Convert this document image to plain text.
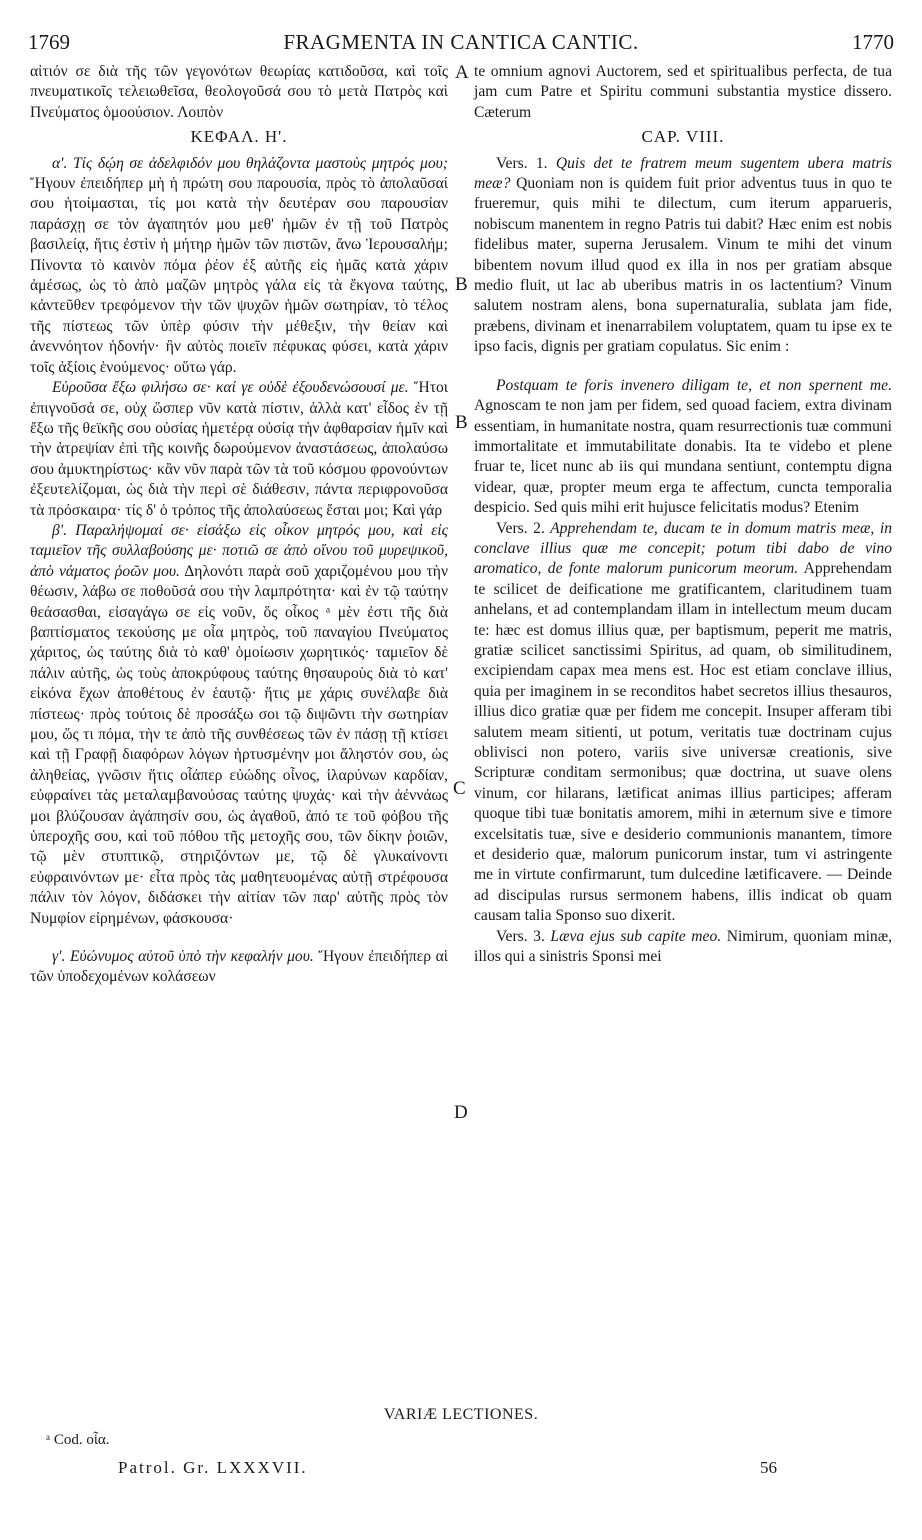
1769	FRAGMENTA IN CANTICA CANTIC.	1770
A
B
B
C
D

αἰτιόν σε διὰ τῆς τῶν γεγονότων θεωρίας κατιδοῦσα, καὶ τοῖς πνευματικοῖς τελειωθεῖσα, θεολογοῦσά σου τὸ μετὰ Πατρὸς καὶ Πνεύματος ὁμοούσιον. Λοιπὸν

ΚΕΦΑΛ. Η'.

α'. Τίς δῴη σε ἀδελφιδόν μου θηλάζοντα μαστοὺς μητρός μου; Ἤγουν ἐπειδήπερ μὴ ἡ πρώτη σου παρουσία, πρὸς τὸ ἀπολαῦσαί σου ἡτοίμασται, τίς μοι κατὰ τὴν δευτέραν σου παρουσίαν παράσχῃ σε τὸν ἀγαπητόν μου μεθ' ἡμῶν ἐν τῇ τοῦ Πατρὸς βασιλείᾳ, ἥτις ἐστὶν ἡ μήτηρ ἡμῶν τῶν πιστῶν, ἄνω Ἱερουσαλήμ; Πίνοντα τὸ καινὸν πόμα ῥέον ἐξ αὐτῆς εἰς ἡμᾶς κατὰ χάριν ἀμέσως, ὡς τὸ ἀπὸ μαζῶν μητρὸς γάλα εἰς τὰ ἔκγονα ταύτης, κἀντεῦθεν τρεφόμενον τὴν τῶν ψυχῶν ἡμῶν σωτηρίαν, τὸ τέλος τῆς πίστεως τῶν ὑπὲρ φύσιν τὴν μέθεξιν, τὴν θείαν καὶ ἀνεννόητον ἡδονήν· ἣν αὐτὸς ποιεῖν πέφυκας φύσει, κατὰ χάριν τοῖς ἀξίοις ἑνούμενος· οὕτω γάρ.

Εὑροῦσα ἔξω φιλήσω σε· καί γε οὐδὲ ἐξουδενώσουσί με. Ἤτοι ἐπιγνοῦσά σε, οὐχ ὥσπερ νῦν κατὰ πίστιν, ἀλλὰ κατ' εἶδος ἐν τῇ ἔξω τῆς θεϊκῆς σου οὐσίας ἡμετέρᾳ οὐσίᾳ τὴν ἀφθαρσίαν ἡμῖν καὶ τὴν ἀτρεψίαν ἐπὶ τῆς κοινῆς δωρούμενον ἀναστάσεως, ἀπολαύσω σου ἀμυκτηρίστως· κἂν νῦν παρὰ τῶν τὰ τοῦ κόσμου φρονούντων ἐξευτελίζομαι, ὡς διὰ τὴν περὶ σὲ διάθεσιν, πάντα περιφρονοῦσα τὰ πρόσκαιρα· τίς δ' ὁ τρόπος τῆς ἀπολαύσεως ἔσται μοι; Καὶ γάρ

β'. Παραλήψομαί σε· εἰσάξω εἰς οἶκον μητρός μου, καὶ εἰς ταμιεῖον τῆς συλλαβούσης με· ποτιῶ σε ἀπὸ οἴνου τοῦ μυρεψικοῦ, ἀπὸ νάματος ῥοῶν μου. Δηλονότι παρὰ σοῦ χαριζομένου μου τὴν θέωσιν, λάβω σε ποθοῦσά σου τὴν λαμπρότητα· καὶ ἐν τῷ ταύτην θεάσασθαι, εἰσαγάγω σε εἰς νοῦν, ὅς οἶκος ᵃ μὲν ἐστι τῆς διὰ βαπτίσματος τεκούσης με οἷα μητρὸς, τοῦ παναγίου Πνεύματος χάριτος, ὡς ταύτης διὰ τὸ καθ' ὁμοίωσιν χωρητικός· ταμιεῖον δὲ πάλιν αὐτῆς, ὡς τοὺς ἀποκρύφους ταύτης θησαυροὺς διὰ τὸ κατ' εἰκόνα ἔχων ἀποθέτους ἐν ἑαυτῷ· ἥτις με χάρις συνέλαβε διὰ πίστεως· πρὸς τούτοις δὲ προσάξω σοι τῷ διψῶντι τὴν σωτηρίαν μου, ὥς τι πόμα, τὴν τε ἀπὸ τῆς συνθέσεως τῶν ἐν πάσῃ τῇ κτίσει καὶ τῇ Γραφῇ διαφόρων λόγων ἠρτυσμένην μοι ἄληστόν σου, ὡς ἀληθείας, γνῶσιν ἥτις οἷάπερ εὐώδης οἶνος, ἱλαρύνων καρδίαν, εὐφραίνει τὰς μεταλαμβανούσας ταύτης ψυχάς· καὶ τὴν ἀέννάως μοι βλύζουσαν ἀγάπησίν σου, ὡς ἀγαθοῦ, ἀπό τε τοῦ φόβου τῆς ὑπεροχῆς σου, καὶ τοῦ πόθου τῆς μετοχῆς σου, τῶν δίκην ῥοιῶν, τῷ μὲν στυπτικῷ, στηριζόντων με, τῷ δὲ γλυκαίνοντι εὐφραινόντων με· εἶτα πρὸς τὰς μαθητευομένας αὐτῇ στρέφουσα πάλιν τὸν λόγον, διδάσκει τὴν αἰτίαν τῶν παρ' αὐτῆς πρὸς τὸν Νυμφίον εἰρημένων, φάσκουσα·

γ'. Εὐώνυμος αὐτοῦ ὑπὸ τὴν κεφαλήν μου. Ἤγουν ἐπειδήπερ αἱ τῶν ὑποδεχομένων κολάσεων

te omnium agnovi Auctorem, sed et spiritualibus perfecta, de tua jam cum Patre et Spiritu communi substantia mystice dissero. Cæterum

CAP. VIII.

Vers. 1. Quis det te fratrem meum sugentem ubera matris meæ? Quoniam non is quidem fuit prior adventus tuus in quo te frueremur, quis mihi te dilectum, cum iterum apparueris, nobiscum manentem in regno Patris tui dabit? Hæc enim est nobis fidelibus mater, superna Jerusalem. Vinum te mihi det vinum bibentem novum illud quod ex illa in nos per gratiam absque medio fluit, ut lac ab uberibus matris in os lactentium? Vinum salutem nostram alens, bona supernaturalia, sublata jam fide, præbens, divinam et inenarrabilem voluptatem, quam tu ipse ex te ipso facis, dignis per gratiam copulatus. Sic enim :

Postquam te foris invenero diligam te, et non spernent me. Agnoscam te non jam per fidem, sed quoad faciem, extra divinam essentiam, in humanitate nostra, quam resurrectionis tuæ communi immortalitate et immutabilitate donabis. Ita te videbo et plene fruar te, licet nunc ab iis qui mundana sentiunt, contemptu digna videar, quæ, propter meum erga te affectum, cuncta temporalia despicio. Sed quis mihi erit hujusce felicitatis modus? Etenim

Vers. 2. Apprehendam te, ducam te in domum matris meæ, in conclave illius quæ me concepit; potum tibi dabo de vino aromatico, de fonte malorum punicorum meorum. Apprehendam te scilicet de deificatione me gratificantem, claritudinem tuam anhelans, et ad contemplandam illam in intellectum meum ducam te: hæc est domus illius quæ, per baptismum, peperit me matris, gratiæ scilicet sanctissimi Spiritus, ad quam, ob similitudinem, excipiendam capax mea mens est. Hoc est etiam conclave illius, quia per imaginem in se reconditos habet secretos illius thesauros, illius dico gratiæ quæ per fidem me concepit. Insuper afferam tibi salutem meam sitienti, ut potum, veritatis tuæ doctrinam cujus oblivisci non potero, variis sive universæ creationis, sive Scripturæ conditam sermonibus; quæ doctrina, ut suave olens vinum, cor hilarans, lætificat animas illius participes; afferam quoque tibi tuæ bonitatis amorem, mihi in æternum sive e timore excelsitatis tuæ, sive e desiderio communionis manantem, timore et desiderio quæ, malorum punicorum instar, tum vi astringente me in virtute confirmarunt, tum dulcedine lætificavere. — Deinde ad discipulas rursus sermonem habens, illis indicat ob quam causam talia Sponso suo dixerit.

Vers. 3. Læva ejus sub capite meo. Nimirum, quoniam minæ, illos qui a sinistris Sponsi mei

VARIÆ LECTIONES.
ᵃ Cod. οἷα.
Patrol. Gr. LXXXVII.	56
